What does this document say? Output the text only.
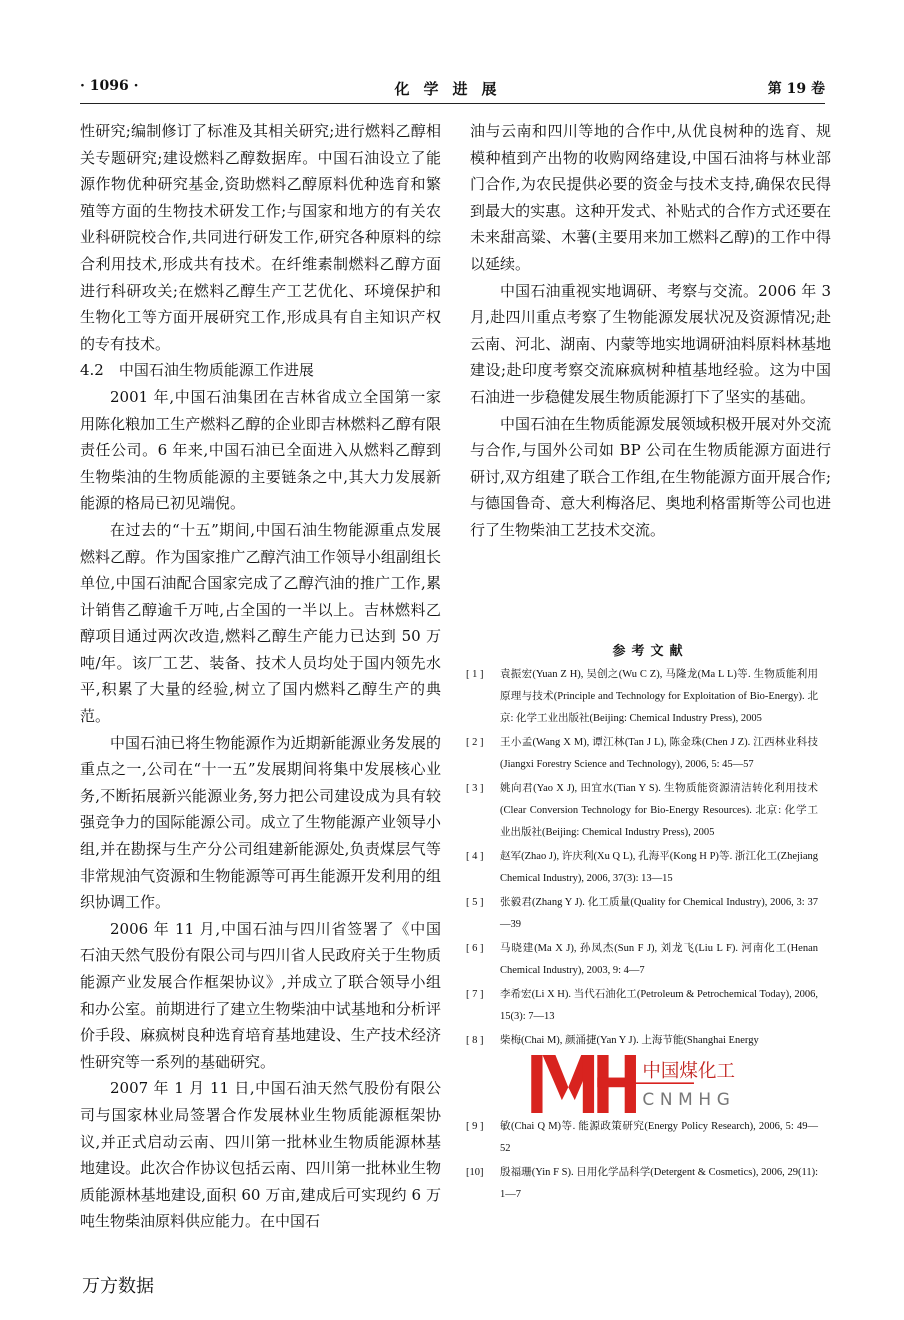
· 1096 ·	化学进展	第 19 卷

性研究;编制修订了标准及其相关研究;进行燃料乙醇相关专题研究;建设燃料乙醇数据库。中国石油设立了能源作物优种研究基金,资助燃料乙醇原料优种选育和繁殖等方面的生物技术研发工作;与国家和地方的有关农业科研院校合作,共同进行研发工作,研究各种原料的综合利用技术,形成共有技术。在纤维素制燃料乙醇方面进行科研攻关;在燃料乙醇生产工艺优化、环境保护和生物化工等方面开展研究工作,形成具有自主知识产权的专有技术。

4.2　中国石油生物质能源工作进展

2001 年,中国石油集团在吉林省成立全国第一家用陈化粮加工生产燃料乙醇的企业即吉林燃料乙醇有限责任公司。6 年来,中国石油已全面进入从燃料乙醇到生物柴油的生物质能源的主要链条之中,其大力发展新能源的格局已初见端倪。

在过去的“十五”期间,中国石油生物能源重点发展燃料乙醇。作为国家推广乙醇汽油工作领导小组副组长单位,中国石油配合国家完成了乙醇汽油的推广工作,累计销售乙醇逾千万吨,占全国的一半以上。吉林燃料乙醇项目通过两次改造,燃料乙醇生产能力已达到 50 万吨/年。该厂工艺、装备、技术人员均处于国内领先水平,积累了大量的经验,树立了国内燃料乙醇生产的典范。

中国石油已将生物能源作为近期新能源业务发展的重点之一,公司在“十一五”发展期间将集中发展核心业务,不断拓展新兴能源业务,努力把公司建设成为具有较强竞争力的国际能源公司。成立了生物能源产业领导小组,并在勘探与生产分公司组建新能源处,负责煤层气等非常规油气资源和生物能源等可再生能源开发利用的组织协调工作。

2006 年 11 月,中国石油与四川省签署了《中国石油天然气股份有限公司与四川省人民政府关于生物质能源产业发展合作框架协议》,并成立了联合领导小组和办公室。前期进行了建立生物柴油中试基地和分析评价手段、麻疯树良种选育培育基地建设、生产技术经济性研究等一系列的基础研究。

2007 年 1 月 11 日,中国石油天然气股份有限公司与国家林业局签署合作发展林业生物质能源框架协议,并正式启动云南、四川第一批林业生物质能源林基地建设。此次合作协议包括云南、四川第一批林业生物质能源林基地建设,面积 60 万亩,建成后可实现约 6 万吨生物柴油原料供应能力。在中国石

油与云南和四川等地的合作中,从优良树种的选育、规模种植到产出物的收购网络建设,中国石油将与林业部门合作,为农民提供必要的资金与技术支持,确保农民得到最大的实惠。这种开发式、补贴式的合作方式还要在未来甜高粱、木薯(主要用来加工燃料乙醇)的工作中得以延续。

中国石油重视实地调研、考察与交流。2006 年 3 月,赴四川重点考察了生物能源发展状况及资源情况;赴云南、河北、湖南、内蒙等地实地调研油料原料林基地建设;赴印度考察交流麻疯树种植基地经验。这为中国石油进一步稳健发展生物质能源打下了坚实的基础。

中国石油在生物质能源发展领域积极开展对外交流与合作,与国外公司如 BP 公司在生物质能源方面进行研讨,双方组建了联合工作组,在生物能源方面开展合作;与德国鲁奇、意大利梅洛尼、奥地利格雷斯等公司也进行了生物柴油工艺技术交流。

参考文献
[ 1 ]	袁振宏(Yuan Z H), 吴创之(Wu C Z), 马隆龙(Ma L L)等. 生物质能利用原理与技术(Principle and Technology for Exploitation of Bio-Energy). 北京: 化学工业出版社(Beijing: Chemical Industry Press), 2005
[ 2 ]	王小孟(Wang X M), 谭江林(Tan J L), 陈金珠(Chen J Z). 江西林业科技(Jiangxi Forestry Science and Technology), 2006, 5: 45—57
[ 3 ]	姚向君(Yao X J), 田宜水(Tian Y S). 生物质能资源清洁转化利用技术(Clear Conversion Technology for Bio-Energy Resources). 北京: 化学工业出版社(Beijing: Chemical Industry Press), 2005
[ 4 ]	赵军(Zhao J), 许庆利(Xu Q L), 孔海平(Kong H P)等. 浙江化工(Zhejiang Chemical Industry), 2006, 37(3): 13—15
[ 5 ]	张毅君(Zhang Y J). 化工质量(Quality for Chemical Industry), 2006, 3: 37—39
[ 6 ]	马晓建(Ma X J), 孙凤杰(Sun F J), 刘龙飞(Liu L F). 河南化工(Henan Chemical Industry), 2003, 9: 4—7
[ 7 ]	李希宏(Li X H). 当代石油化工(Petroleum & Petrochemical Today), 2006, 15(3): 7—13
[ 8 ]	柴梅(Chai M), 颜涌捷(Yan Y J). 上海节能(Shanghai Energy
[ 9 ]	敏(Chai Q M)等. 能源政策研究(Energy Policy Research), 2006, 5: 49—52
[10]	殷福珊(Yin F S). 日用化学品科学(Detergent & Cosmetics), 2006, 29(11): 1—7
中国煤化工
CNMHG
万方数据
